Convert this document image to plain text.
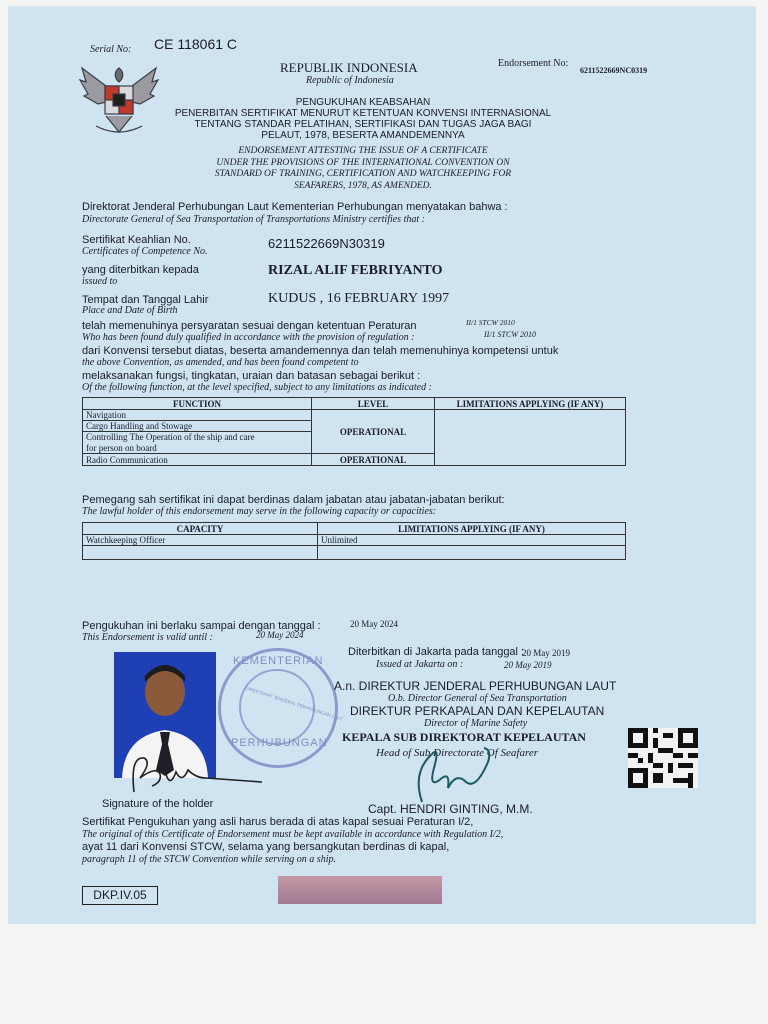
Serial No: CE 118061 C
REPUBLIK INDONESIA
Republic of Indonesia
Endorsement No:
6211522669NC0319
PENGUKUHAN KEABSAHAN
PENERBITAN SERTIFIKAT MENURUT KETENTUAN KONVENSI INTERNASIONAL
TENTANG STANDAR PELATIHAN, SERTIFIKASI DAN TUGAS JAGA BAGI
PELAUT, 1978, BESERTA AMANDEMENNYA
ENDORSEMENT ATTESTING THE ISSUE OF A CERTIFICATE
UNDER THE PROVISIONS OF THE INTERNATIONAL CONVENTION ON
STANDARD OF TRAINING, CERTIFICATION AND WATCHKEEPING FOR
SEAFARERS, 1978, AS AMENDED.
Direktorat Jenderal Perhubungan Laut Kementerian Perhubungan menyatakan bahwa :
Directorate General of Sea Transportation of Transportations Ministry certifies that :
Sertifikat Keahlian No.
Certificates of Competence No.
6211522669N30319
yang diterbitkan kepada
issued to
RIZAL ALIF FEBRIYANTO
Tempat dan Tanggal Lahir
Place and Date of Birth
KUDUS , 16 FEBRUARY 1997
telah memenuhinya persyaratan sesuai dengan ketentuan Peraturan	II/1 STCW 2010
Who has been found duly qualified in accordance with the provision of regulation :	II/1 STCW 2010
dari Konvensi tersebut diatas, beserta amandemennya dan telah memenuhinya kompetensi untuk
the above Convention, as amended, and has been found competent to
melaksanakan fungsi, tingkatan, uraian dan batasan sebagai berikut :
Of the following function, at the level specified, subject to any limitations as indicated :
FUNCTION	LEVEL	LIMITATIONS APPLYING (IF ANY)
Navigation	OPERATIONAL	
Cargo Handling and Stowage		
Controlling The Operation of the ship and care		
for person on board		
Radio Communication	OPERATIONAL	
Pemegang sah sertifikat ini dapat berdinas dalam jabatan atau jabatan-jabatan berikut:
The lawful holder of this endorsement may serve in the following capacity or capacities:
CAPACITY	LIMITATIONS APPLYING (IF ANY)
Watchkeeping Officer	Unlimited

Pengukuhan ini berlaku sampai dengan tanggal :	20 May 2024
This Endorsement is valid until :	20 May 2024
KEMENTERIAN
PERHUBUNGAN
DIREKTORAT JENDERAL PERHUBUNGAN LAUT
Signature of the holder
Diterbitkan di Jakarta pada tanggal :
20 May 2019
Issued at Jakarta on :	20 May 2019
A.n. DIREKTUR JENDERAL PERHUBUNGAN LAUT
O.b. Director General of Sea Transportation
DIREKTUR PERKAPALAN DAN KEPELAUTAN
Director of Marine Safety
KEPALA SUB DIREKTORAT KEPELAUTAN
Head of Sub Directorate Of Seafarer
Capt. HENDRI GINTING, M.M.
Sertifikat Pengukuhan yang asli harus berada di atas kapal sesuai Peraturan I/2,
The original of this Certificate of Endorsement must be kept available in accordance with Regulation I/2,
ayat 11 dari Konvensi STCW, selama yang bersangkutan berdinas di kapal,
paragraph 11 of the STCW Convention while serving on a ship.
DKP.IV.05
